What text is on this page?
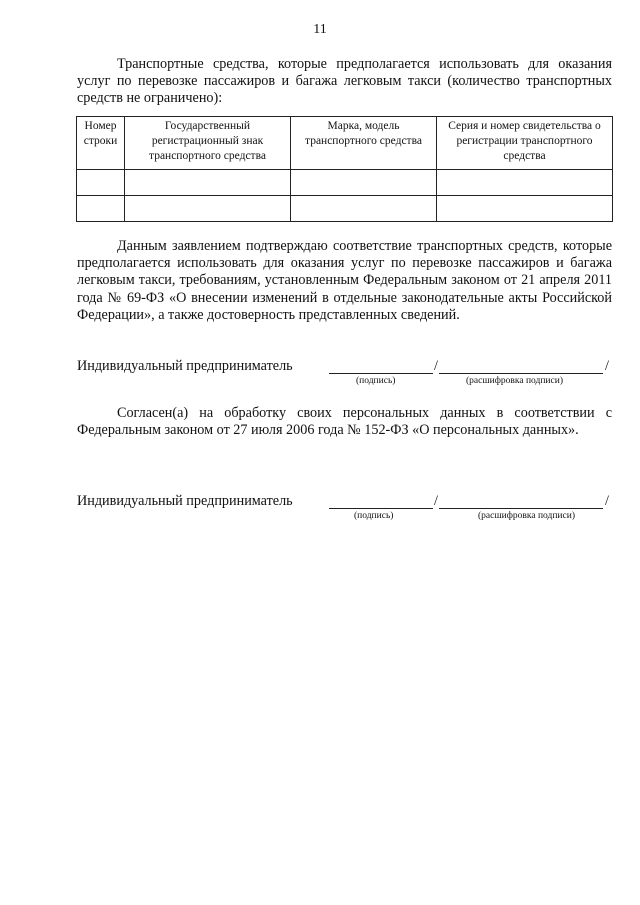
11

Транспортные средства, которые предполагается использовать для оказания услуг по перевозке пассажиров и багажа легковым такси (количество транспортных средств не ограничено):

Номер строки	Государственный регистрационный знак транспортного средства	Марка, модель транспортного средства	Серия и номер свидетельства о регистрации транспортного средства

Данным заявлением подтверждаю соответствие транспортных средств, которые предполагается использовать для оказания услуг по перевозке пассажиров и багажа легковым такси, требованиям, установленным Федеральным законом от 21 апреля 2011 года № 69-ФЗ «О внесении изменений в отдельные законодательные акты Российской Федерации», а также достоверность представленных сведений.

Индивидуальный предприниматель	/	/
(подпись)	(расшифровка подписи)

Согласен(а) на обработку своих персональных данных в соответствии с Федеральным законом от 27 июля 2006 года № 152-ФЗ «О персональных данных».

Индивидуальный предприниматель	/	/
(подпись)	(расшифровка подписи)
